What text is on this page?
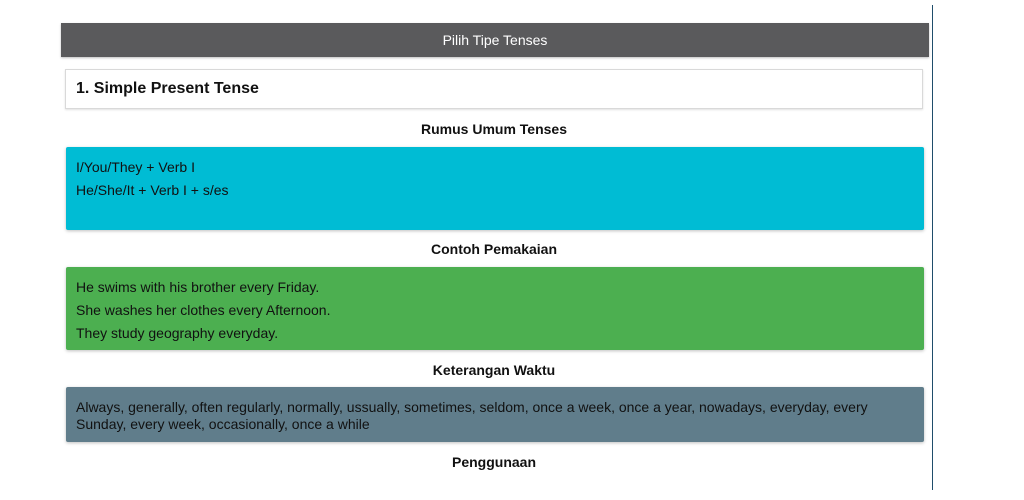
Pilih Tipe Tenses
1. Simple Present Tense
Rumus Umum Tenses
I/You/They + Verb I
He/She/It + Verb I + s/es
Contoh Pemakaian
He swims with his brother every Friday.
She washes her clothes every Afternoon.
They study geography everyday.
Keterangan Waktu
Always, generally, often regularly, normally, ussually, sometimes, seldom, once a week, once a year, nowadays, everyday, every Sunday, every week, occasionally, once a while
Penggunaan
